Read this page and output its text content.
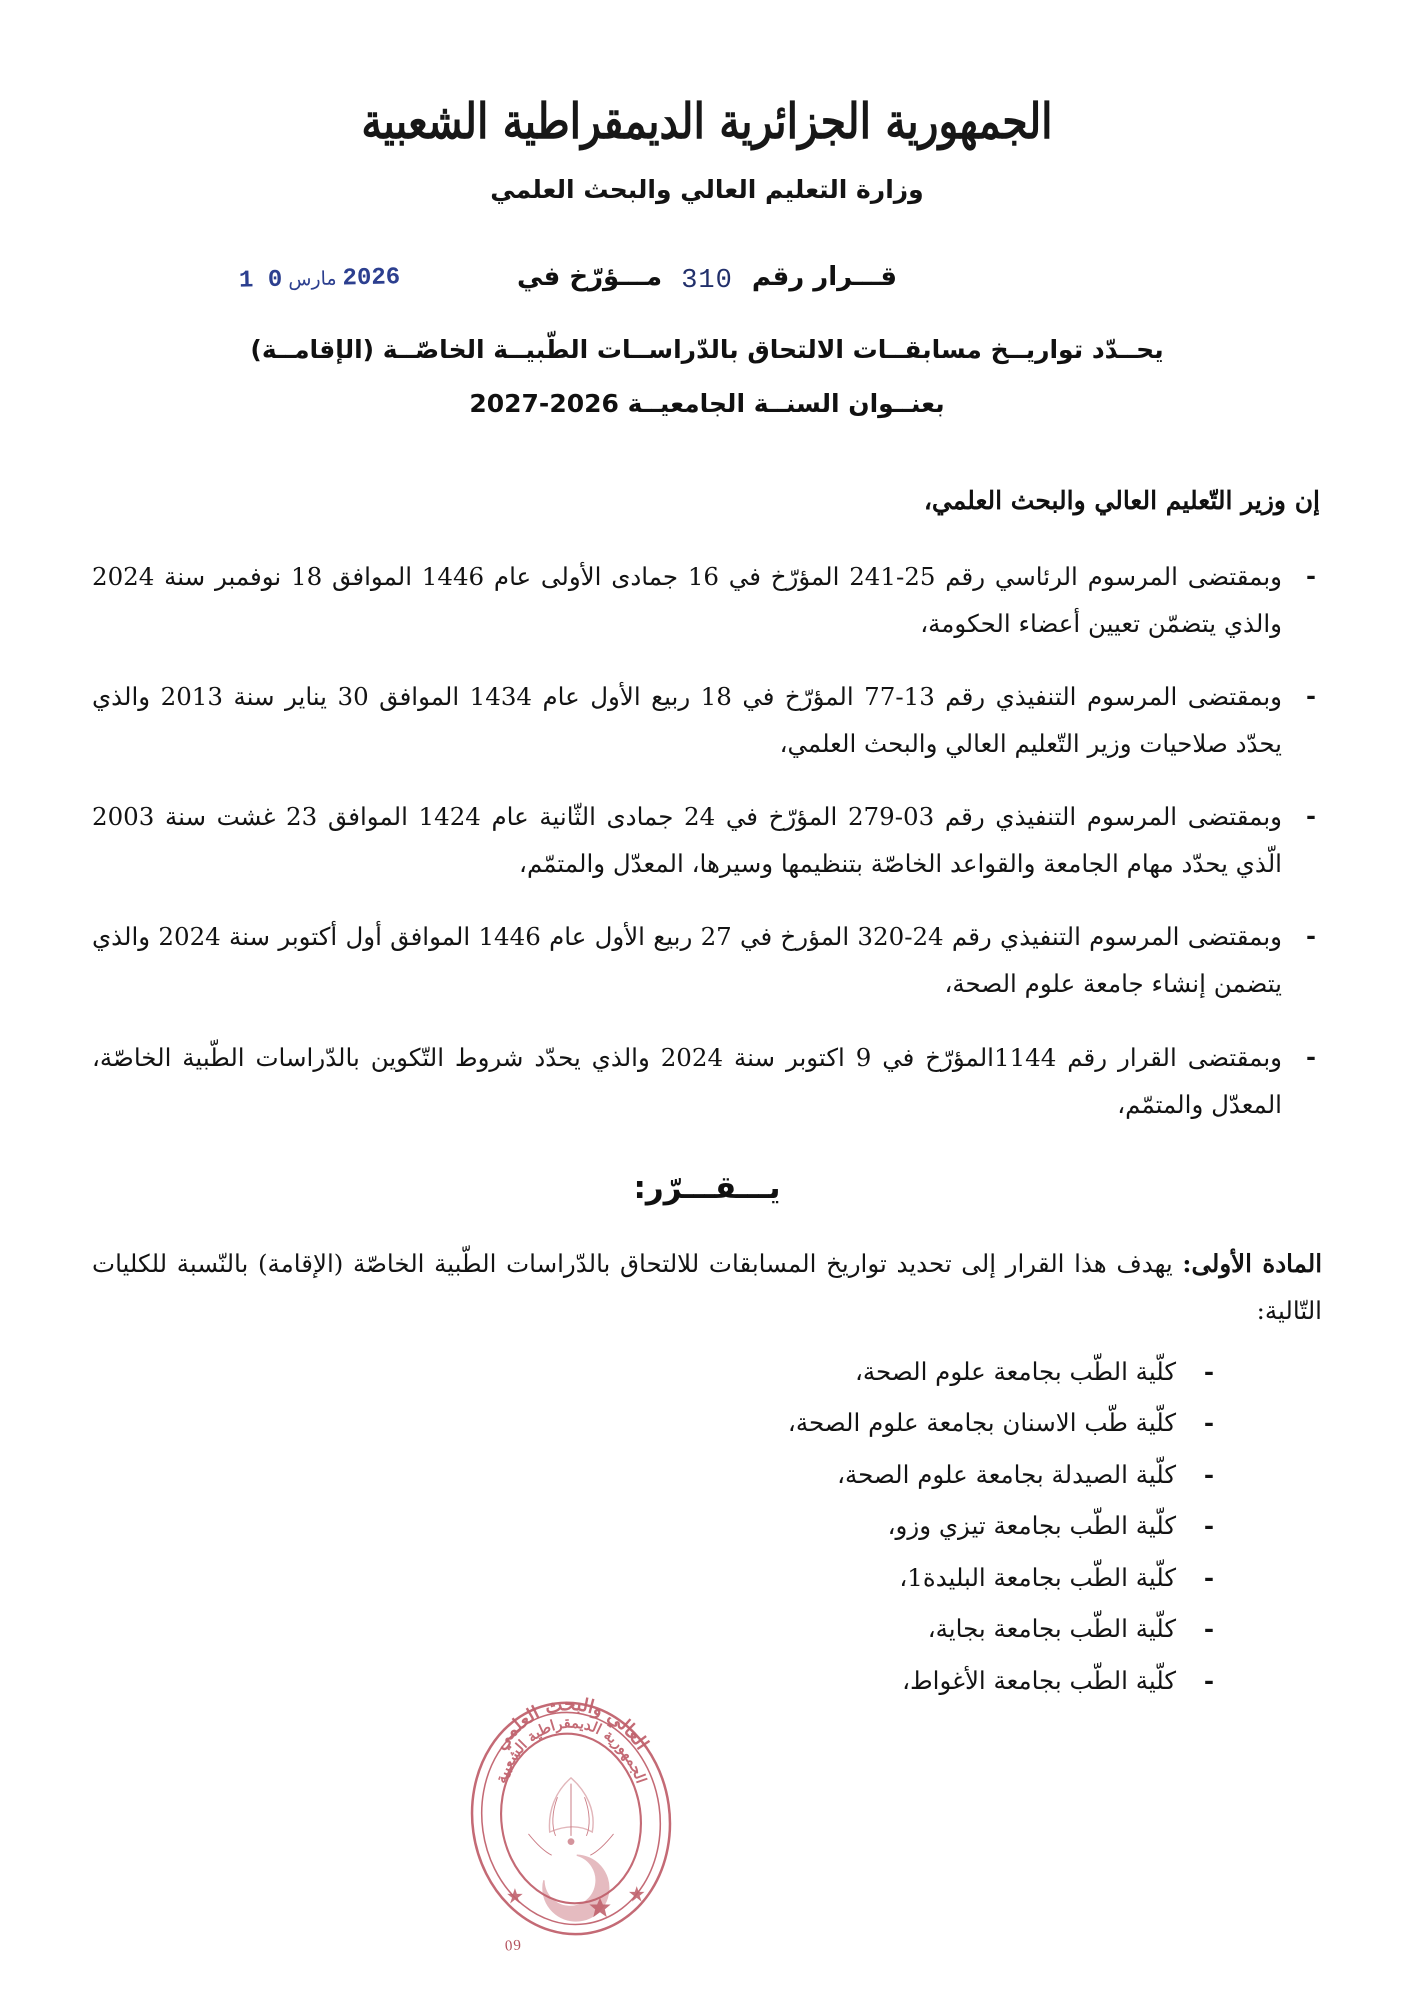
الجمهورية الجزائرية الديمقراطية الشعبية
وزارة التعليم العالي والبحث العلمي
قـــرار رقم 310 مـــؤرّخ في
2026مارس0 1
يحــدّد تواريــخ مسابقــات الالتحاق بالدّراســات الطّبيــة الخاصّــة (الإقامــة)
بعنــوان السنــة الجامعيــة 2026-2027

إن وزير التّعليم العالي والبحث العلمي،

- وبمقتضى المرسوم الرئاسي رقم 25-241 المؤرّخ في 16 جمادى الأولى عام 1446 الموافق 18 نوفمبر سنة 2024 والذي يتضمّن تعيين أعضاء الحكومة،
- وبمقتضى المرسوم التنفيذي رقم 13-77 المؤرّخ في 18 ربيع الأول عام 1434 الموافق 30 يناير سنة 2013 والذي يحدّد صلاحيات وزير التّعليم العالي والبحث العلمي،
- وبمقتضى المرسوم التنفيذي رقم 03-279 المؤرّخ في 24 جمادى الثّانية عام 1424 الموافق 23 غشت سنة 2003 الّذي يحدّد مهام الجامعة والقواعد الخاصّة بتنظيمها وسيرها، المعدّل والمتمّم،
- وبمقتضى المرسوم التنفيذي رقم 24-320 المؤرخ في 27 ربيع الأول عام 1446 الموافق أول أكتوبر سنة 2024 والذي يتضمن إنشاء جامعة علوم الصحة،
- وبمقتضى القرار رقم 1144المؤرّخ في 9 اكتوبر سنة 2024 والذي يحدّد شروط التّكوين بالدّراسات الطّبية الخاصّة، المعدّل والمتمّم،
يـــقـــرّر:

المادة الأولى: يهدف هذا القرار إلى تحديد تواريخ المسابقات للالتحاق بالدّراسات الطّبية الخاصّة (الإقامة) بالنّسبة للكليات التّالية:

- كلّية الطّب بجامعة علوم الصحة،
- كلّية طّب الاسنان بجامعة علوم الصحة،
- كلّية الصيدلة بجامعة علوم الصحة،
- كلّية الطّب بجامعة تيزي وزو،
- كلّية الطّب بجامعة البليدة1،
- كلّية الطّب بجامعة بجاية،
- كلّية الطّب بجامعة الأغواط،
العالي والبحث العلمي
الجمهورية الديمقراطية الشعبية
09
